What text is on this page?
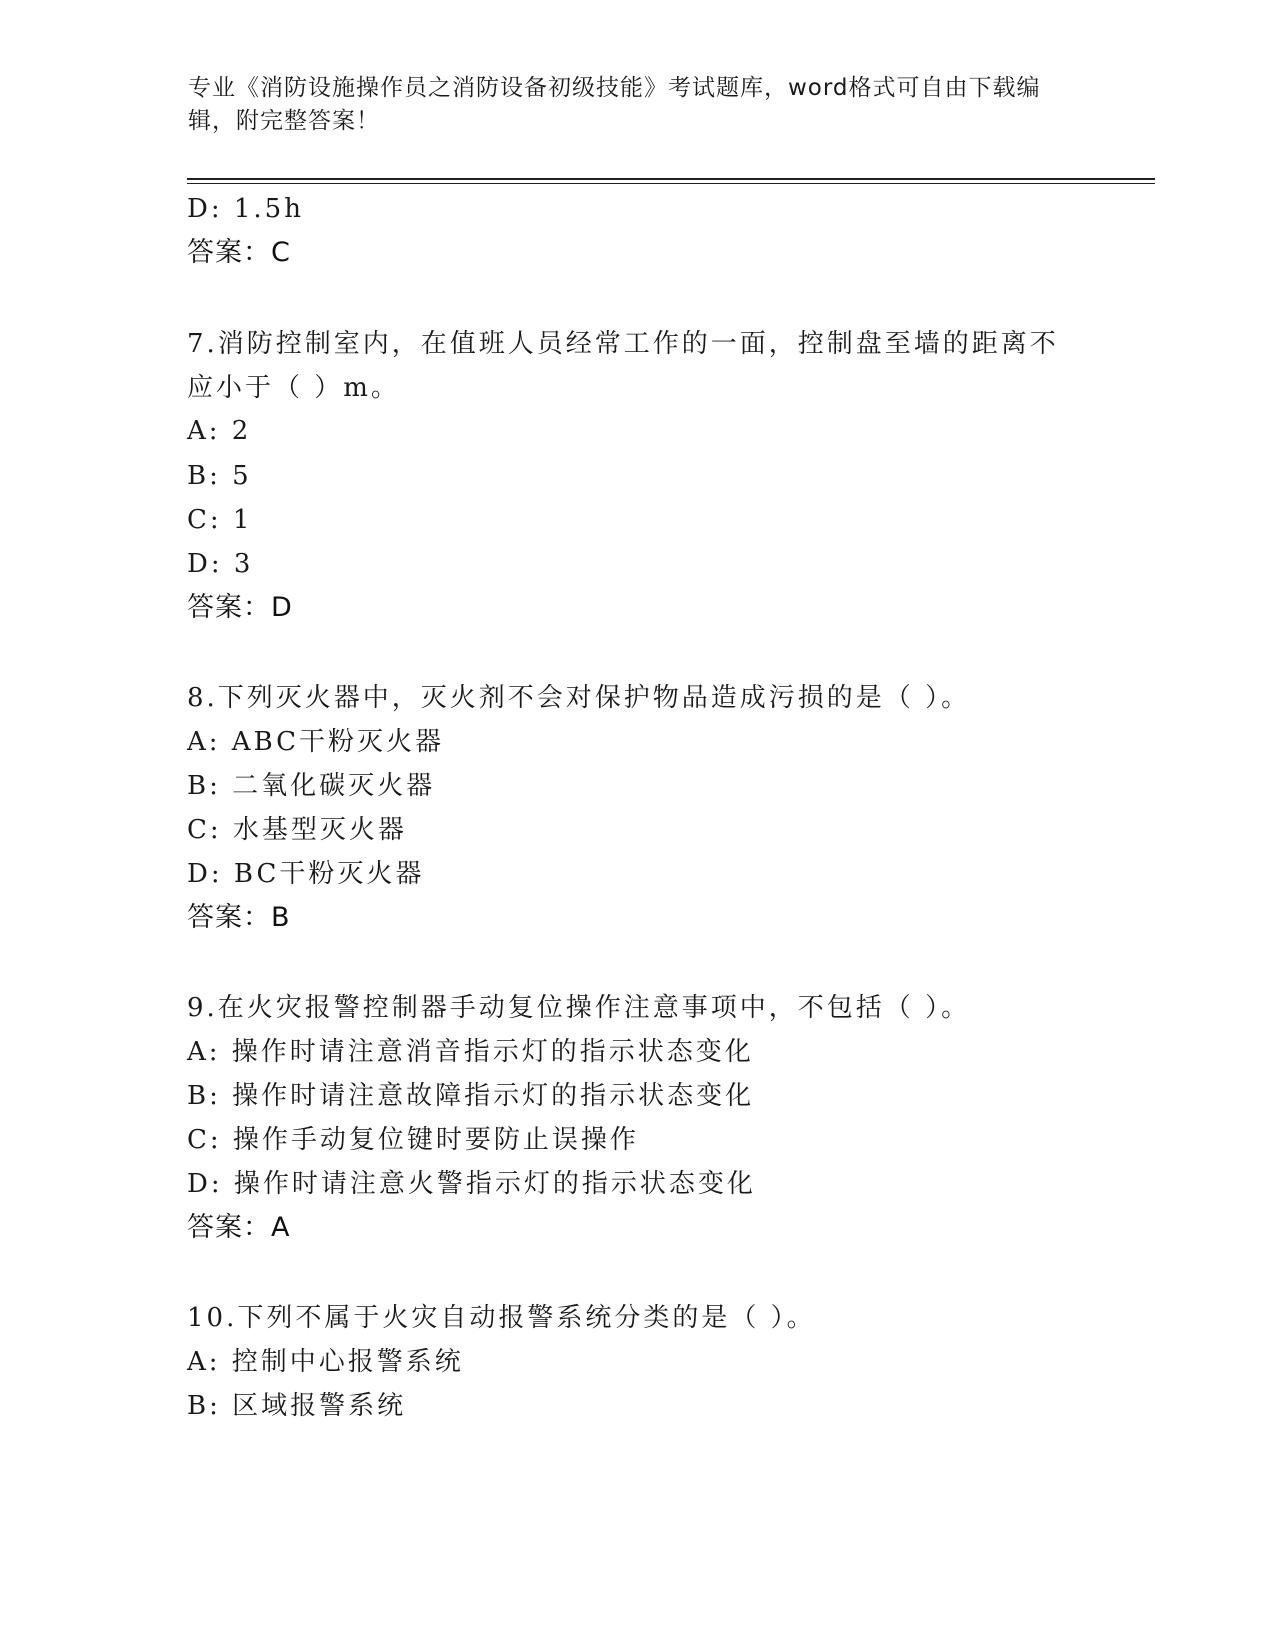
专业《消防设施操作员之消防设备初级技能》考试题库，word格式可自由下载编
辑，附完整答案！
D: 1.5h
答案：C
7.消防控制室内，在值班人员经常工作的一面，控制盘至墙的距离不
应小于（ ）m。
A: 2
B: 5
C: 1
D: 3
答案：D
8.下列灭火器中，灭火剂不会对保护物品造成污损的是（ ）。
A: ABC干粉灭火器
B: 二氧化碳灭火器
C: 水基型灭火器
D: BC干粉灭火器
答案：B
9.在火灾报警控制器手动复位操作注意事项中，不包括（ ）。
A: 操作时请注意消音指示灯的指示状态变化
B: 操作时请注意故障指示灯的指示状态变化
C: 操作手动复位键时要防止误操作
D: 操作时请注意火警指示灯的指示状态变化
答案：A
10.下列不属于火灾自动报警系统分类的是（ ）。
A: 控制中心报警系统
B: 区域报警系统
